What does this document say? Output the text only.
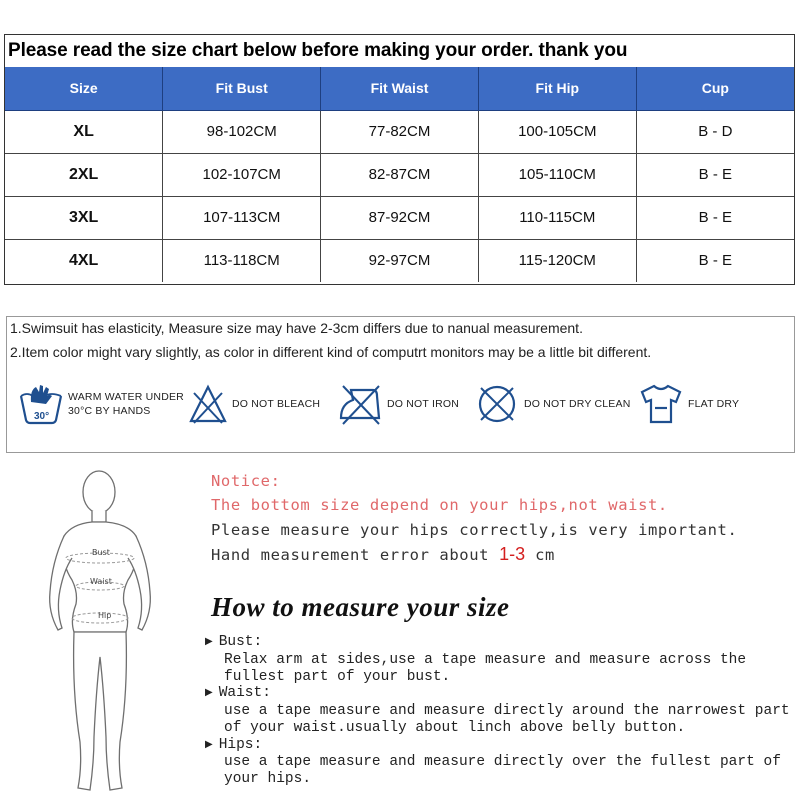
Please read the size chart below before making your order. thank you
Size	Fit Bust	Fit Waist	Fit Hip	Cup
XL	98-102CM	77-82CM	100-105CM	B - D
2XL	102-107CM	82-87CM	105-110CM	B - E
3XL	107-113CM	87-92CM	110-115CM	B - E
4XL	113-118CM	92-97CM	115-120CM	B - E
1.Swimsuit has elasticity, Measure size may have 2-3cm differs due to nanual measurement.
2.Item color might vary slightly, as color in different kind of computrt monitors may be a little bit different.
30°
WARM WATER UNDER
30°C BY HANDS
DO NOT BLEACH	DO NOT IRON	DO NOT DRY CLEAN	FLAT DRY
Bust
Waist
Hip
Notice:
The bottom size depend on your hips,not waist.
Please measure your hips correctly,is very important.
Hand measurement error about 1-3 cm
How to measure your size
▶ Bust:
Relax arm at sides,use a tape measure and measure across the
fullest part of your bust.
▶ Waist:
use a tape measure and measure directly around the narrowest part
of your waist.usually about linch above belly button.
▶ Hips:
use a tape measure and measure directly over the fullest part of
your hips.
